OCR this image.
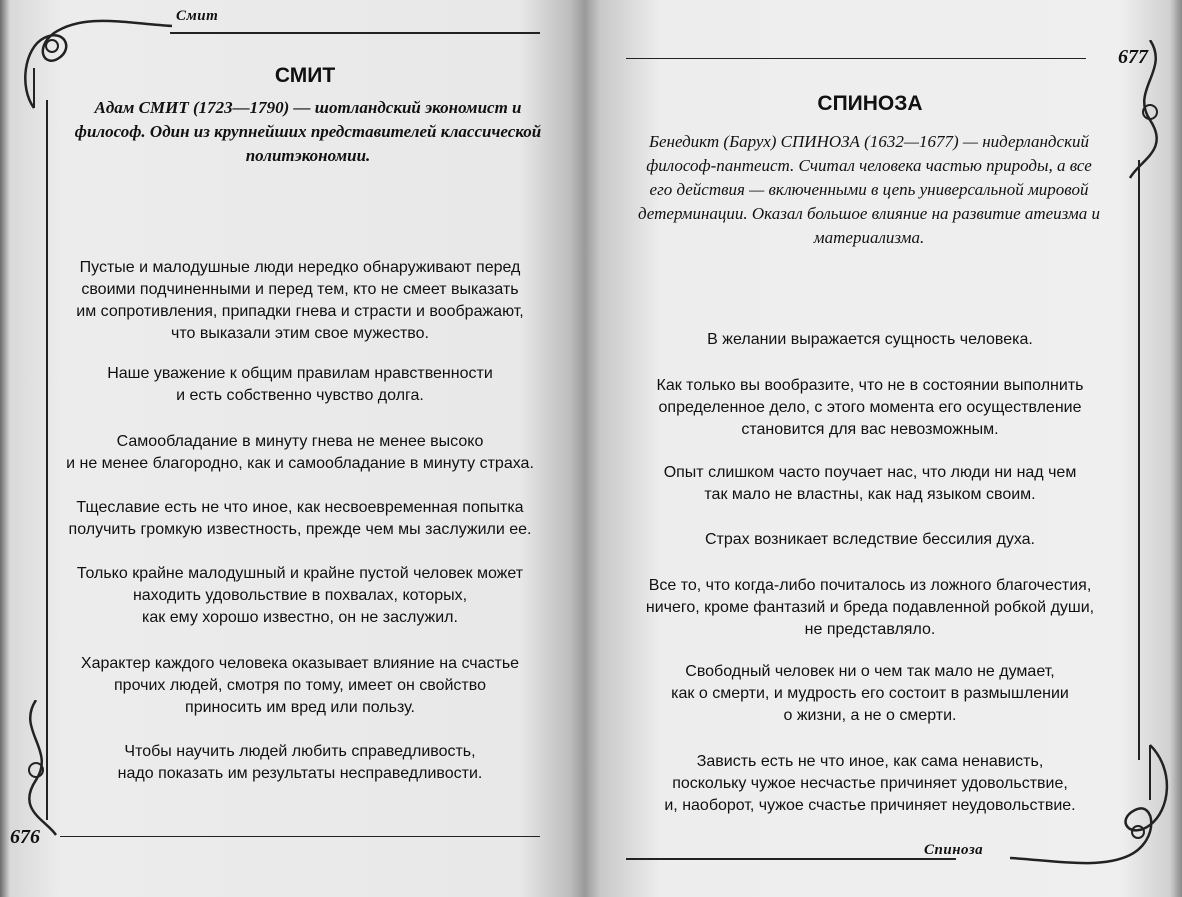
Смит
676
СМИТ
Адам СМИТ (1723—1790) — шотландский экономист и философ. Один из крупнейших представителей классической политэкономии.
Пустые и малодушные люди нередко обнаруживают перед
своими подчиненными и перед тем, кто не смеет выказать
им сопротивления, припадки гнева и страсти и воображают,
что выказали этим свое мужество.
Наше уважение к общим правилам нравственности
и есть собственно чувство долга.
Самообладание в минуту гнева не менее высоко
и не менее благородно, как и самообладание в минуту страха.
Тщеславие есть не что иное, как несвоевременная попытка
получить громкую известность, прежде чем мы заслужили ее.
Только крайне малодушный и крайне пустой человек может
находить удовольствие в похвалах, которых,
как ему хорошо известно, он не заслужил.
Характер каждого человека оказывает влияние на счастье
прочих людей, смотря по тому, имеет он свойство
приносить им вред или пользу.
Чтобы научить людей любить справедливость,
надо показать им результаты несправедливости.
677
Спиноза
СПИНОЗА
Бенедикт (Барух) СПИНОЗА (1632—1677) — нидерландский философ-пантеист. Считал человека частью природы, а все его действия — включенными в цепь универсальной мировой детерминации. Оказал большое влияние на развитие атеизма и материализма.
В желании выражается сущность человека.
Как только вы вообразите, что не в состоянии выполнить
определенное дело, с этого момента его осуществление
становится для вас невозможным.
Опыт слишком часто поучает нас, что люди ни над чем
так мало не властны, как над языком своим.
Страх возникает вследствие бессилия духа.
Все то, что когда-либо почиталось из ложного благочестия,
ничего, кроме фантазий и бреда подавленной робкой души,
не представляло.
Свободный человек ни о чем так мало не думает,
как о смерти, и мудрость его состоит в размышлении
о жизни, а не о смерти.
Зависть есть не что иное, как сама ненависть,
поскольку чужое несчастье причиняет удовольствие,
и, наоборот, чужое счастье причиняет неудовольствие.
